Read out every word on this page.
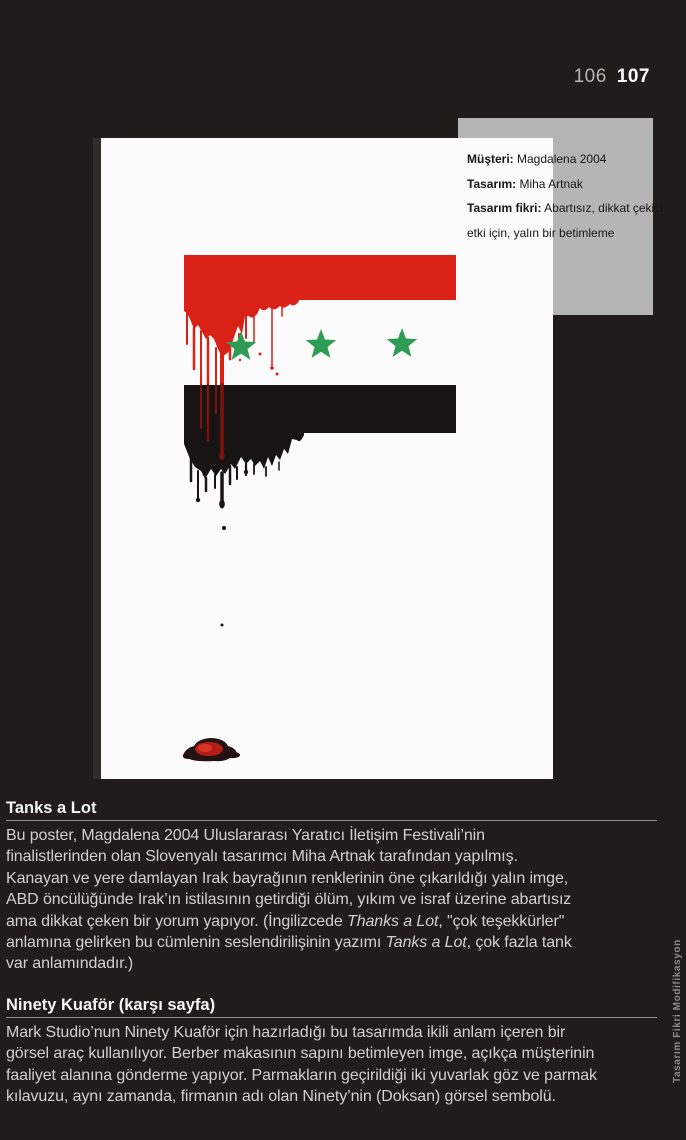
106 107
Müşteri: Magdalena 2004
Tasarım: Miha Artnak
Tasarım fikri: Abartısız, dikkat çekici etki için, yalın bir betimleme
Tanks a Lot
Bu poster, Magdalena 2004 Uluslararası Yaratıcı İletişim Festivali’nin
finalistlerinden olan Slovenyalı tasarımcı Miha Artnak tarafından yapılmış.
Kanayan ve yere damlayan Irak bayrağının renklerinin öne çıkarıldığı yalın imge,
ABD öncülüğünde Irak’ın istilasının getirdiği ölüm, yıkım ve israf üzerine abartısız
ama dikkat çeken bir yorum yapıyor. (İngilizcede Thanks a Lot, "çok teşekkürler"
anlamına gelirken bu cümlenin seslendirilişinin yazımı Tanks a Lot, çok fazla tank
var anlamındadır.)
Ninety Kuaför (karşı sayfa)
Mark Studio’nun Ninety Kuaför için hazırladığı bu tasarımda ikili anlam içeren bir
görsel araç kullanılıyor. Berber makasının sapını betimleyen imge, açıkça müşterinin
faaliyet alanına gönderme yapıyor. Parmakların geçirildiği iki yuvarlak göz ve parmak
kılavuzu, aynı zamanda, firmanın adı olan Ninety’nin (Doksan) görsel sembolü.
Tasarım Fikri Modifikasyon
